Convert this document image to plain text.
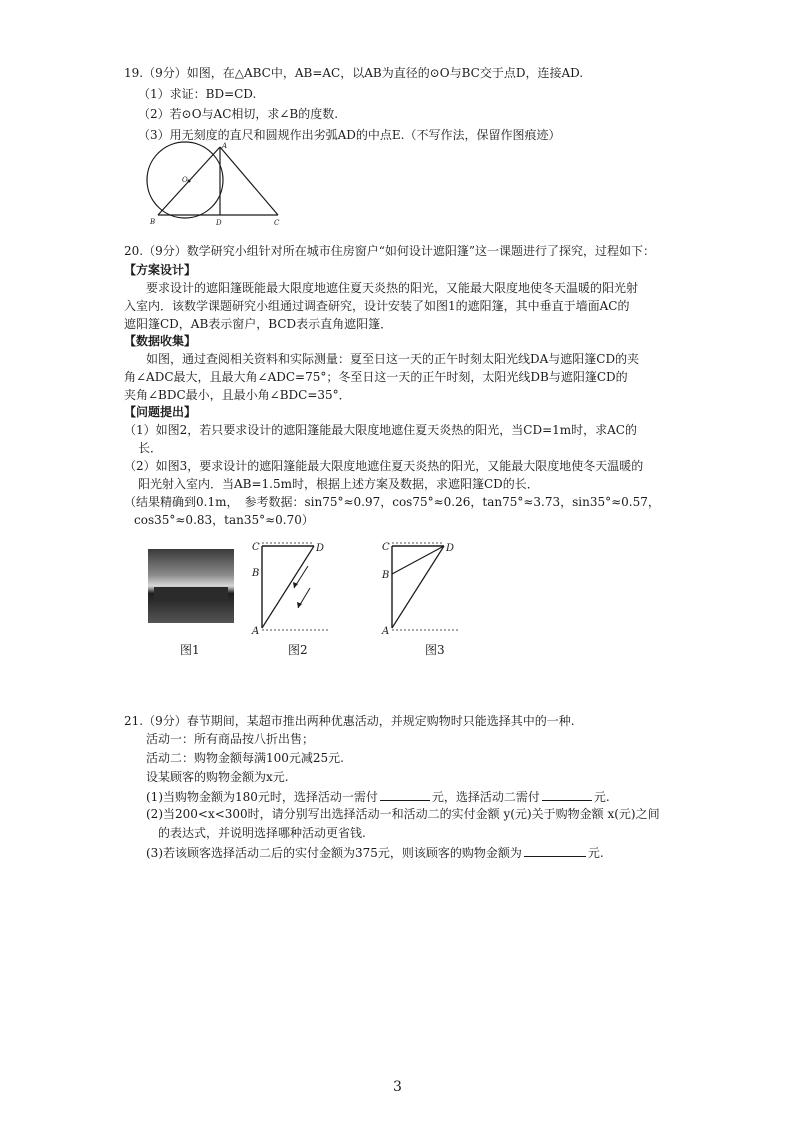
19.（9分）如图，在△ABC中，AB=AC，以AB为直径的⊙O与BC交于点D，连接AD.
（1）求证：BD=CD.
（2）若⊙O与AC相切，求∠B的度数.
（3）用无刻度的直尺和圆规作出劣弧AD的中点E.（不写作法，保留作图痕迹）
A
O
B	D	C
20.（9分）数学研究小组针对所在城市住房窗户“如何设计遮阳篷”这一课题进行了探究，过程如下：
【方案设计】
要求设计的遮阳篷既能最大限度地遮住夏天炎热的阳光，又能最大限度地使冬天温暖的阳光射
入室内．该数学课题研究小组通过调查研究，设计安装了如图1的遮阳篷，其中垂直于墙面AC的
遮阳篷CD，AB表示窗户，BCD表示直角遮阳篷．
【数据收集】
如图，通过查阅相关资料和实际测量：夏至日这一天的正午时刻太阳光线DA与遮阳篷CD的夹
角∠ADC最大，且最大角∠ADC=75°；冬至日这一天的正午时刻，太阳光线DB与遮阳篷CD的
夹角∠BDC最小，且最小角∠BDC=35°．
【问题提出】
（1）如图2，若只要求设计的遮阳篷能最大限度地遮住夏天炎热的阳光，当CD=1m时，求AC的
长．
（2）如图3，要求设计的遮阳篷能最大限度地遮住夏天炎热的阳光，又能最大限度地使冬天温暖的
阳光射入室内．当AB=1.5m时，根据上述方案及数据，求遮阳篷CD的长．
（结果精确到0.1m，　参考数据：sin75°≈0.97，cos75°≈0.26，tan75°≈3.73，sin35°≈0.57，
cos35°≈0.83，tan35°≈0.70）
图1
C	D
B
A
图2
C	D
B
A
图3
21.（9分）春节期间，某超市推出两种优惠活动，并规定购物时只能选择其中的一种.
活动一：所有商品按八折出售；
活动二：购物金额每满100元减25元.
设某顾客的购物金额为x元.
(1)当购物金额为180元时，选择活动一需付	元，选择活动二需付	元.
(2)当200<x<300时，请分别写出选择活动一和活动二的实付金额 y(元)关于购物金额 x(元)之间
的表达式，并说明选择哪种活动更省钱.
(3)若该顾客选择活动二后的实付金额为375元，则该顾客的购物金额为	元.
3
